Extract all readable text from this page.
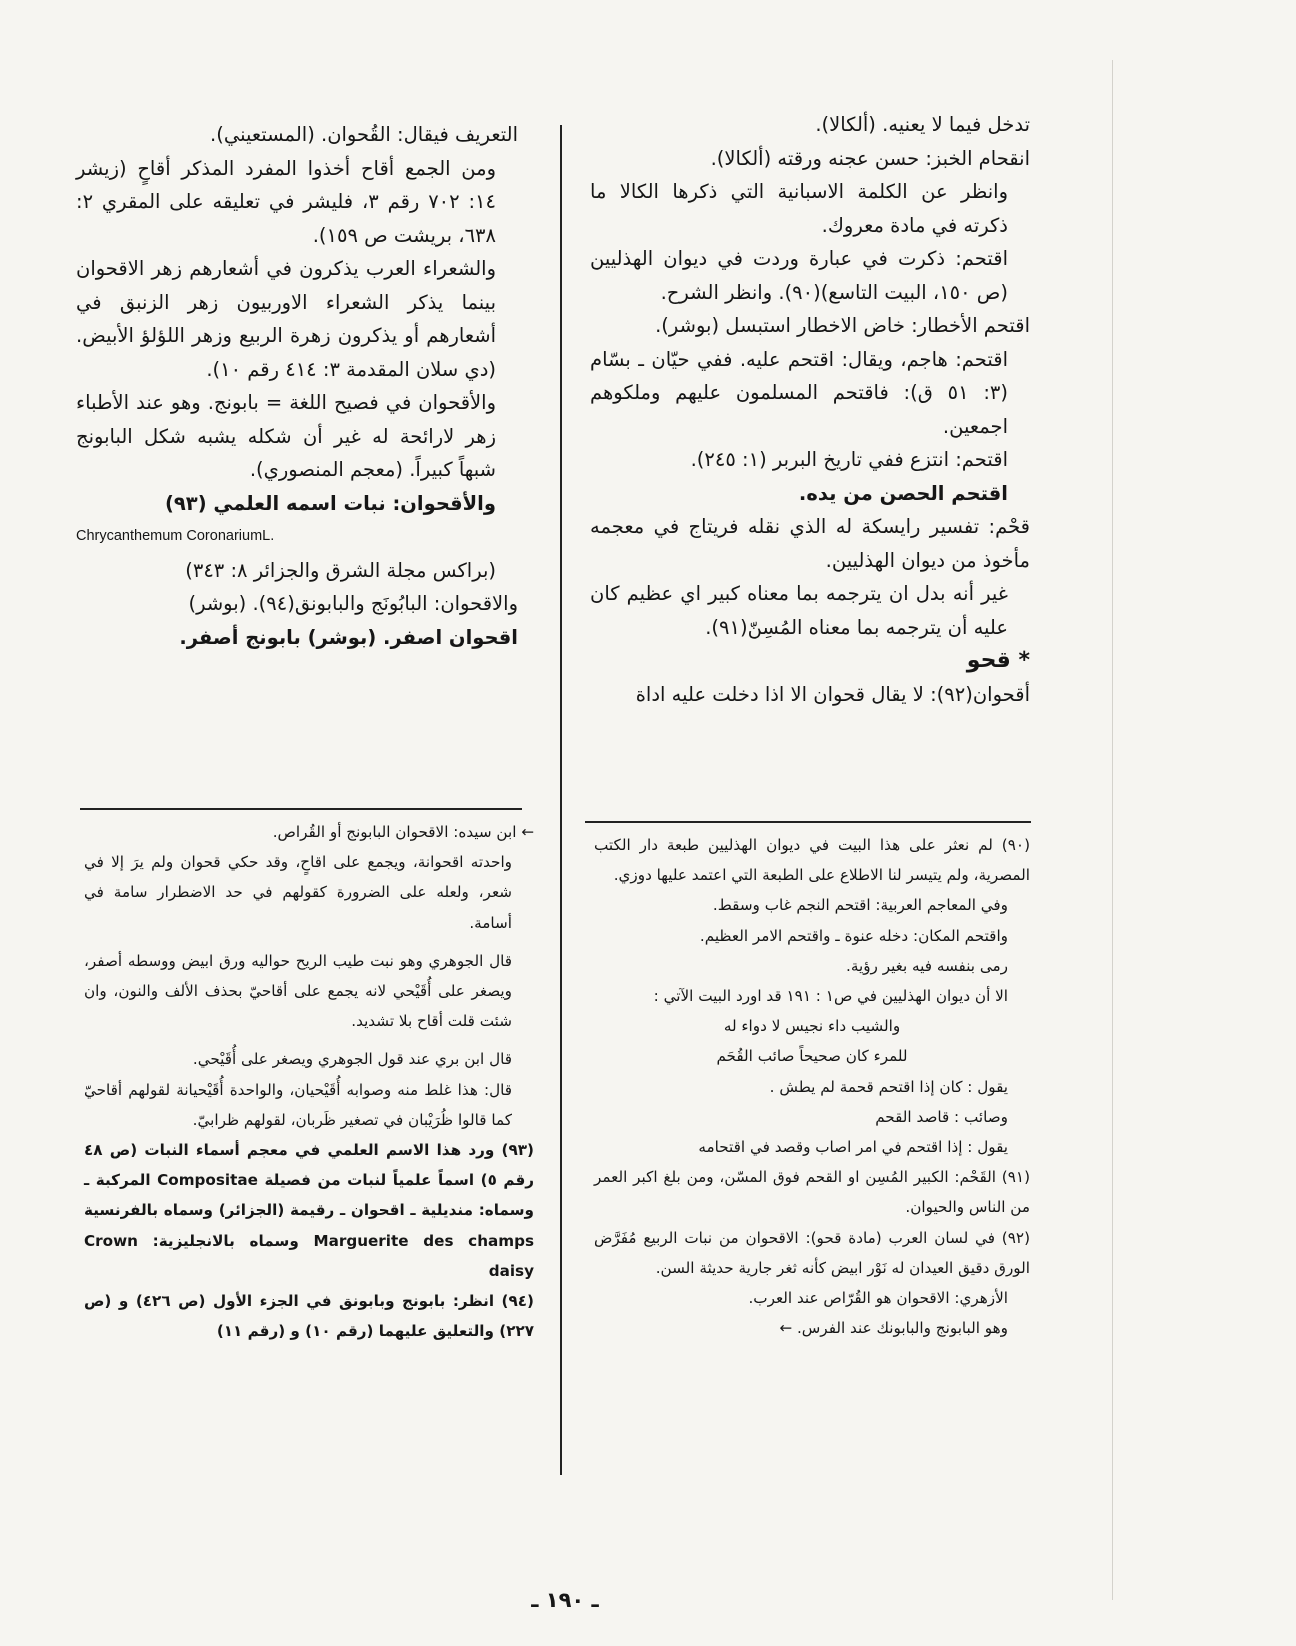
تدخل فيما لا يعنيه. (ألكالا).

انقحام الخبز: حسن عجنه ورقته (ألكالا).

وانظر عن الكلمة الاسبانية التي ذكرها الكالا ما ذكرته في مادة معروك.

اقتحم: ذكرت في عبارة وردت في ديوان الهذليين (ص ١٥٠، البيت التاسع)(٩٠). وانظر الشرح.

اقتحم الأخطار: خاض الاخطار استبسل (بوشر).

اقتحم: هاجم، ويقال: اقتحم عليه. ففي حيّان ـ بسّام (٣: ٥١ ق): فاقتحم المسلمون عليهم وملكوهم اجمعين.

اقتحم: انتزع ففي تاريخ البربر (١: ٢٤٥).

اقتحم الحصن من يده.

قحْم: تفسير رايسكة له الذي نقله فريتاج في معجمه مأخوذ من ديوان الهذليين.

غير أنه بدل ان يترجمه بما معناه كبير اي عظيم كان عليه أن يترجمه بما معناه المُسِنّ(٩١).

* قحو

أقحوان(٩٢): لا يقال قحوان الا اذا دخلت عليه اداة

التعريف فيقال: القُحوان. (المستعيني).

ومن الجمع أقاح أخذوا المفرد المذكر أقاحٍ (زيشر ١٤: ٧٠٢ رقم ٣، فليشر في تعليقه على المقري ٢: ٦٣٨، بريشت ص ١٥٩).

والشعراء العرب يذكرون في أشعارهم زهر الاقحوان بينما يذكر الشعراء الاوربيون زهر الزنبق في أشعارهم أو يذكرون زهرة الربيع وزهر اللؤلؤ الأبيض. (دي سلان المقدمة ٣: ٤١٤ رقم ١٠).

والأقحوان في فصيح اللغة = بابونج. وهو عند الأطباء زهر لارائحة له غير أن شكله يشبه شكل البابونج شبهاً كبيراً. (معجم المنصوري).

والأقحوان: نبات اسمه العلمي (٩٣)

Chrycanthemum CoronariumL.

(براكس مجلة الشرق والجزائر ٨: ٣٤٣)

والاقحوان: البابُونَج والبابونق(٩٤). (بوشر)

اقحوان اصفر. (بوشر) بابونج أصفر.

(٩٠) لم نعثر على هذا البيت في ديوان الهذليين طبعة دار الكتب المصرية، ولم يتيسر لنا الاطلاع على الطبعة التي اعتمد عليها دوزي.

وفي المعاجم العربية: اقتحم النجم غاب وسقط.

واقتحم المكان: دخله عنوة ـ واقتحم الامر العظيم.

رمى بنفسه فيه بغير رؤية.

الا أن ديوان الهذليين في ص١ : ١٩١ قد اورد البيت الآتي :

والشيب داء نجيس لا دواء له

للمرء كان صحيحاً صائب القُحَم

يقول : كان إذا اقتحم قحمة لم يطش .

وصائب : قاصد القحم

يقول : إذا اقتحم في امر اصاب وقصد في اقتحامه

(٩١) القَحْم: الكبير المُسِن او القحم فوق المسّن، ومن بلغ اكبر العمر من الناس والحيوان.

(٩٢) في لسان العرب (مادة قحو): الاقحوان من نبات الربيع مُفَرَّض الورق دقيق العيدان له نَوْر ابيض كأنه ثغر جارية حديثة السن.

الأزهري: الاقحوان هو القُرّاص عند العرب.

وهو البابونج والبابونك عند الفرس. ←

← ابن سيده: الاقحوان البابونج أو القُراص.

واحدته اقحوانة، ويجمع على اقاحٍ، وقد حكي قحوان ولم يرَ إلا في شعر، ولعله على الضرورة كقولهم في حد الاضطرار سامة في أسامة.

قال الجوهري وهو نبت طيب الريح حواليه ورق ابيض ووسطه أصفر، ويصغر على أُقَيْحي لانه يجمع على أقاحيّ بحذف الألف والنون، وان شئت قلت أقاح بلا تشديد.

قال ابن بري عند قول الجوهري ويصغر على أُقَيْحي.

قال: هذا غلط منه وصوابه أُقَيْحيان، والواحدة أُقَيْحيانة لقولهم أقاحيّ كما قالوا ظُرَيْبان في تصغير ظَربان، لقولهم ظرابيّ.

(٩٣) ورد هذا الاسم العلمي في معجم أسماء النبات (ص ٤٨ رقم ٥) اسماً علمياً لنبات من فصيلة Compositae المركبة ـ وسماه: منديلية ـ اقحوان ـ رقيمة (الجزائر) وسماه بالفرنسية Marguerite des champs وسماه بالانجليزية: Crown daisy

(٩٤) انظر: بابونج وبابونق في الجزء الأول (ص ٤٢٦) و (ص ٢٢٧) والتعليق عليهما (رقم ١٠) و (رقم ١١)

ـ ١٩٠ ـ
